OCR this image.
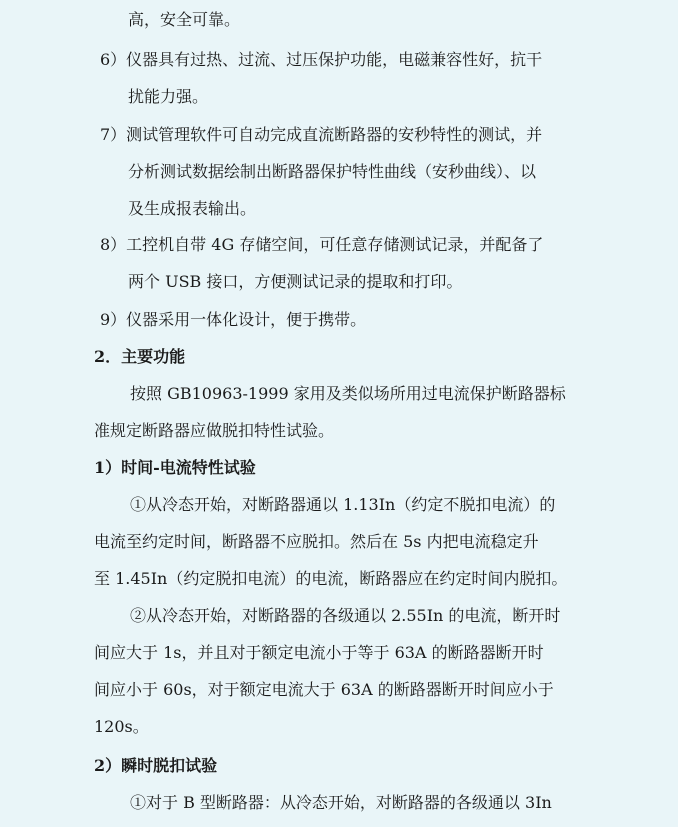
高，安全可靠。
6）仪器具有过热、过流、过压保护功能，电磁兼容性好，抗干
扰能力强。
7）测试管理软件可自动完成直流断路器的安秒特性的测试，并
分析测试数据绘制出断路器保护特性曲线（安秒曲线）、以
及生成报表输出。
8）工控机自带 4G 存储空间，可任意存储测试记录，并配备了
两个 USB 接口，方便测试记录的提取和打印。
9）仪器采用一体化设计，便于携带。
2．主要功能
按照 GB10963-1999 家用及类似场所用过电流保护断路器标
准规定断路器应做脱扣特性试验。
1）时间-电流特性试验
①从冷态开始，对断路器通以 1.13In（约定不脱扣电流）的
电流至约定时间，断路器不应脱扣。然后在 5s 内把电流稳定升
至 1.45In（约定脱扣电流）的电流，断路器应在约定时间内脱扣。
②从冷态开始，对断路器的各级通以 2.55In 的电流，断开时
间应大于 1s，并且对于额定电流小于等于 63A 的断路器断开时
间应小于 60s，对于额定电流大于 63A 的断路器断开时间应小于
120s。
2）瞬时脱扣试验
①对于 B 型断路器：从冷态开始，对断路器的各级通以 3In
